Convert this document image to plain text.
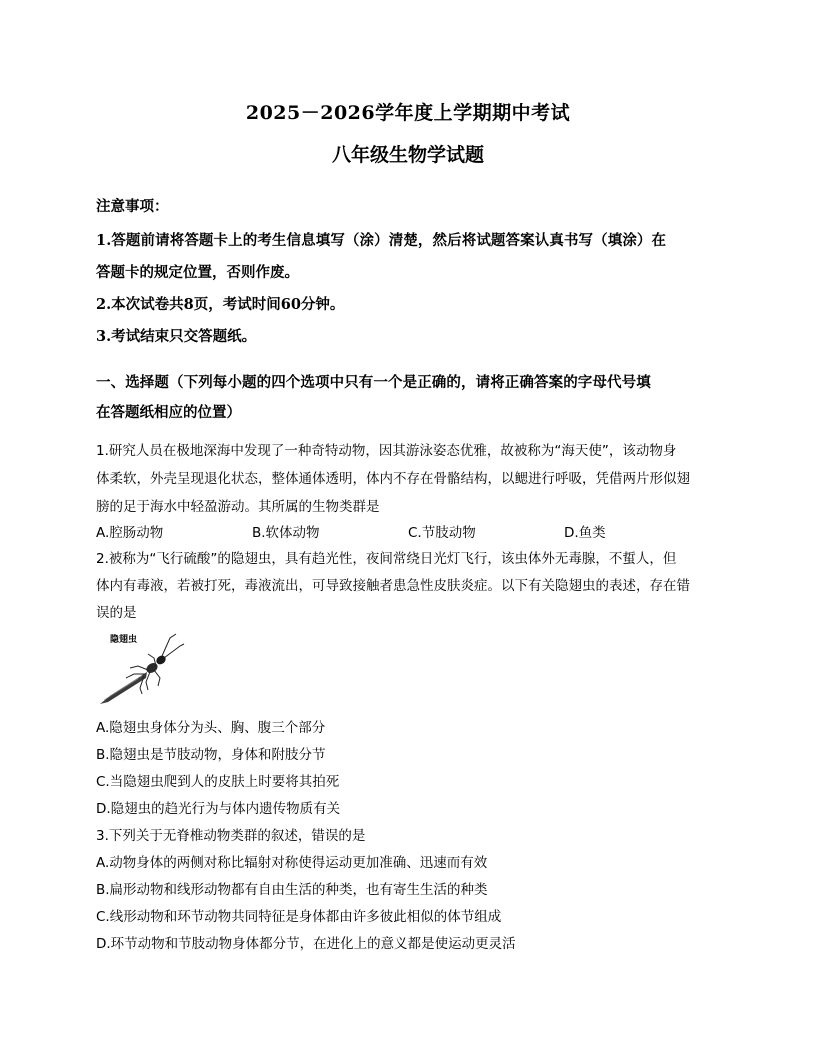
2025－2026学年度上学期期中考试
八年级生物学试题
注意事项：
1.答题前请将答题卡上的考生信息填写（涂）清楚，然后将试题答案认真书写（填涂）在
答题卡的规定位置，否则作废。
2.本次试卷共8页，考试时间60分钟。
3.考试结束只交答题纸。
一、选择题（下列每小题的四个选项中只有一个是正确的，请将正确答案的字母代号填
在答题纸相应的位置）
1.研究人员在极地深海中发现了一种奇特动物，因其游泳姿态优雅，故被称为“海天使”，该动物身
体柔软，外壳呈现退化状态，整体通体透明，体内不存在骨骼结构，以鳃进行呼吸，凭借两片形似翅
膀的足于海水中轻盈游动。其所属的生物类群是
A.腔肠动物	B.软体动物	C.节肢动物	D.鱼类
2.被称为“飞行硫酸”的隐翅虫，具有趋光性，夜间常绕日光灯飞行，该虫体外无毒腺，不蜇人，但
体内有毒液，若被打死，毒液流出，可导致接触者患急性皮肤炎症。以下有关隐翅虫的表述，存在错
误的是
隐翅虫
A.隐翅虫身体分为头、胸、腹三个部分
B.隐翅虫是节肢动物，身体和附肢分节
C.当隐翅虫爬到人的皮肤上时要将其拍死
D.隐翅虫的趋光行为与体内遗传物质有关
3.下列关于无脊椎动物类群的叙述，错误的是
A.动物身体的两侧对称比辐射对称使得运动更加准确、迅速而有效
B.扁形动物和线形动物都有自由生活的种类，也有寄生生活的种类
C.线形动物和环节动物共同特征是身体都由许多彼此相似的体节组成
D.环节动物和节肢动物身体都分节，在进化上的意义都是使运动更灵活
